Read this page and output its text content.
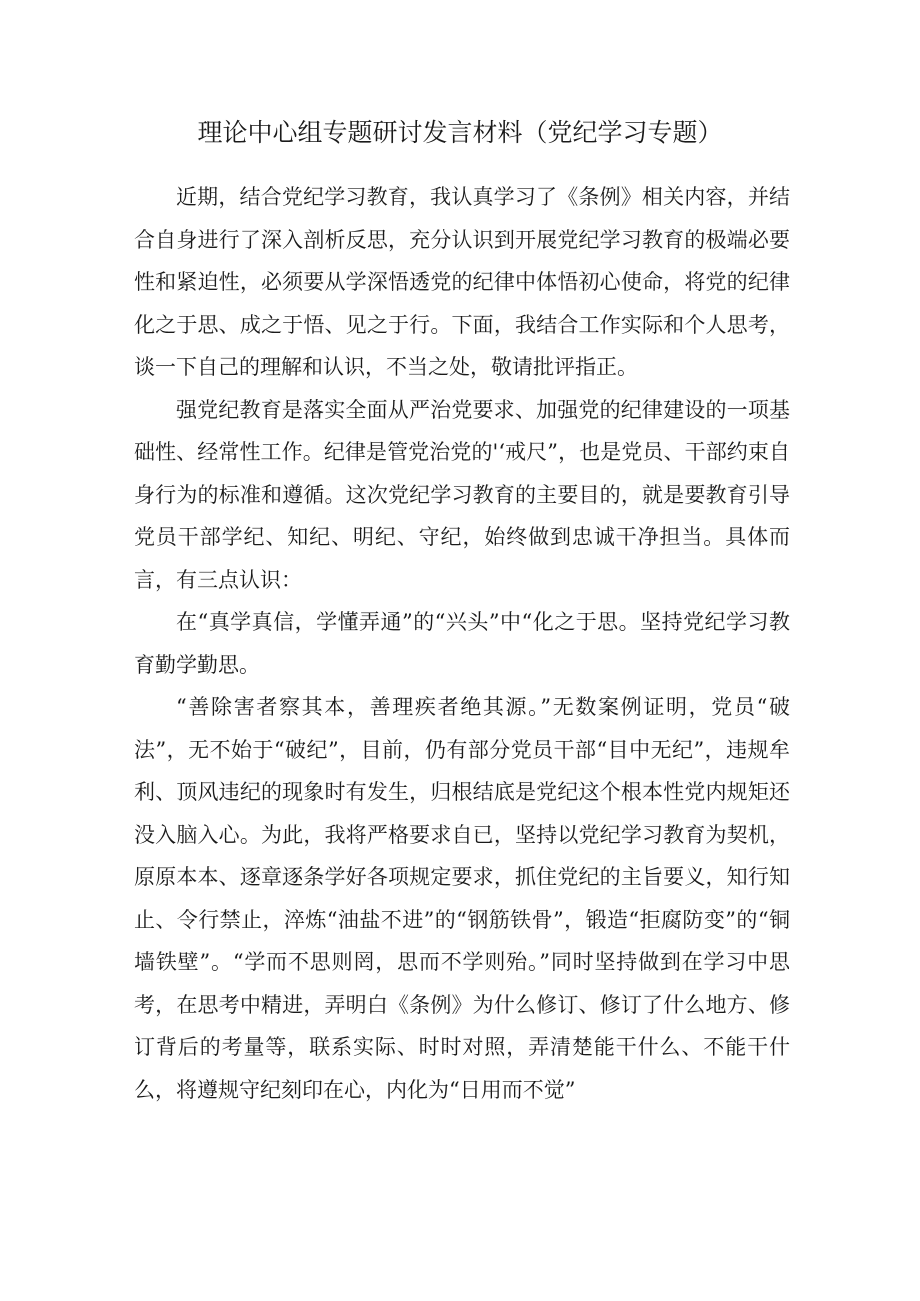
理论中心组专题研讨发言材料（党纪学习专题）

近期，结合党纪学习教育，我认真学习了《条例》相关内容，并结合自身进行了深入剖析反思，充分认识到开展党纪学习教育的极端必要性和紧迫性，必须要从学深悟透党的纪律中体悟初心使命，将党的纪律化之于思、成之于悟、见之于行。下面，我结合工作实际和个人思考，谈一下自己的理解和认识，不当之处，敬请批评指正。

强党纪教育是落实全面从严治党要求、加强党的纪律建设的一项基础性、经常性工作。纪律是管党治党的'‘戒尺”，也是党员、干部约束自身行为的标准和遵循。这次党纪学习教育的主要目的，就是要教育引导党员干部学纪、知纪、明纪、守纪，始终做到忠诚干净担当。具体而言，有三点认识：

在“真学真信，学懂弄通”的“兴头”中“化之于思。坚持党纪学习教育勤学勤思。

“善除害者察其本，善理疾者绝其源。”无数案例证明，党员“破法”，无不始于“破纪”，目前，仍有部分党员干部“目中无纪”，违规牟利、顶风违纪的现象时有发生，归根结底是党纪这个根本性党内规矩还没入脑入心。为此，我将严格要求自已，坚持以党纪学习教育为契机，原原本本、逐章逐条学好各项规定要求，抓住党纪的主旨要义，知行知止、令行禁止，淬炼“油盐不进”的“钢筋铁骨”，锻造“拒腐防变”的“铜墙铁壁”。“学而不思则罔，思而不学则殆。”同时坚持做到在学习中思考，在思考中精进，弄明白《条例》为什么修订、修订了什么地方、修订背后的考量等，联系实际、时时对照，弄清楚能干什么、不能干什么，将遵规守纪刻印在心，内化为“日用而不觉”
